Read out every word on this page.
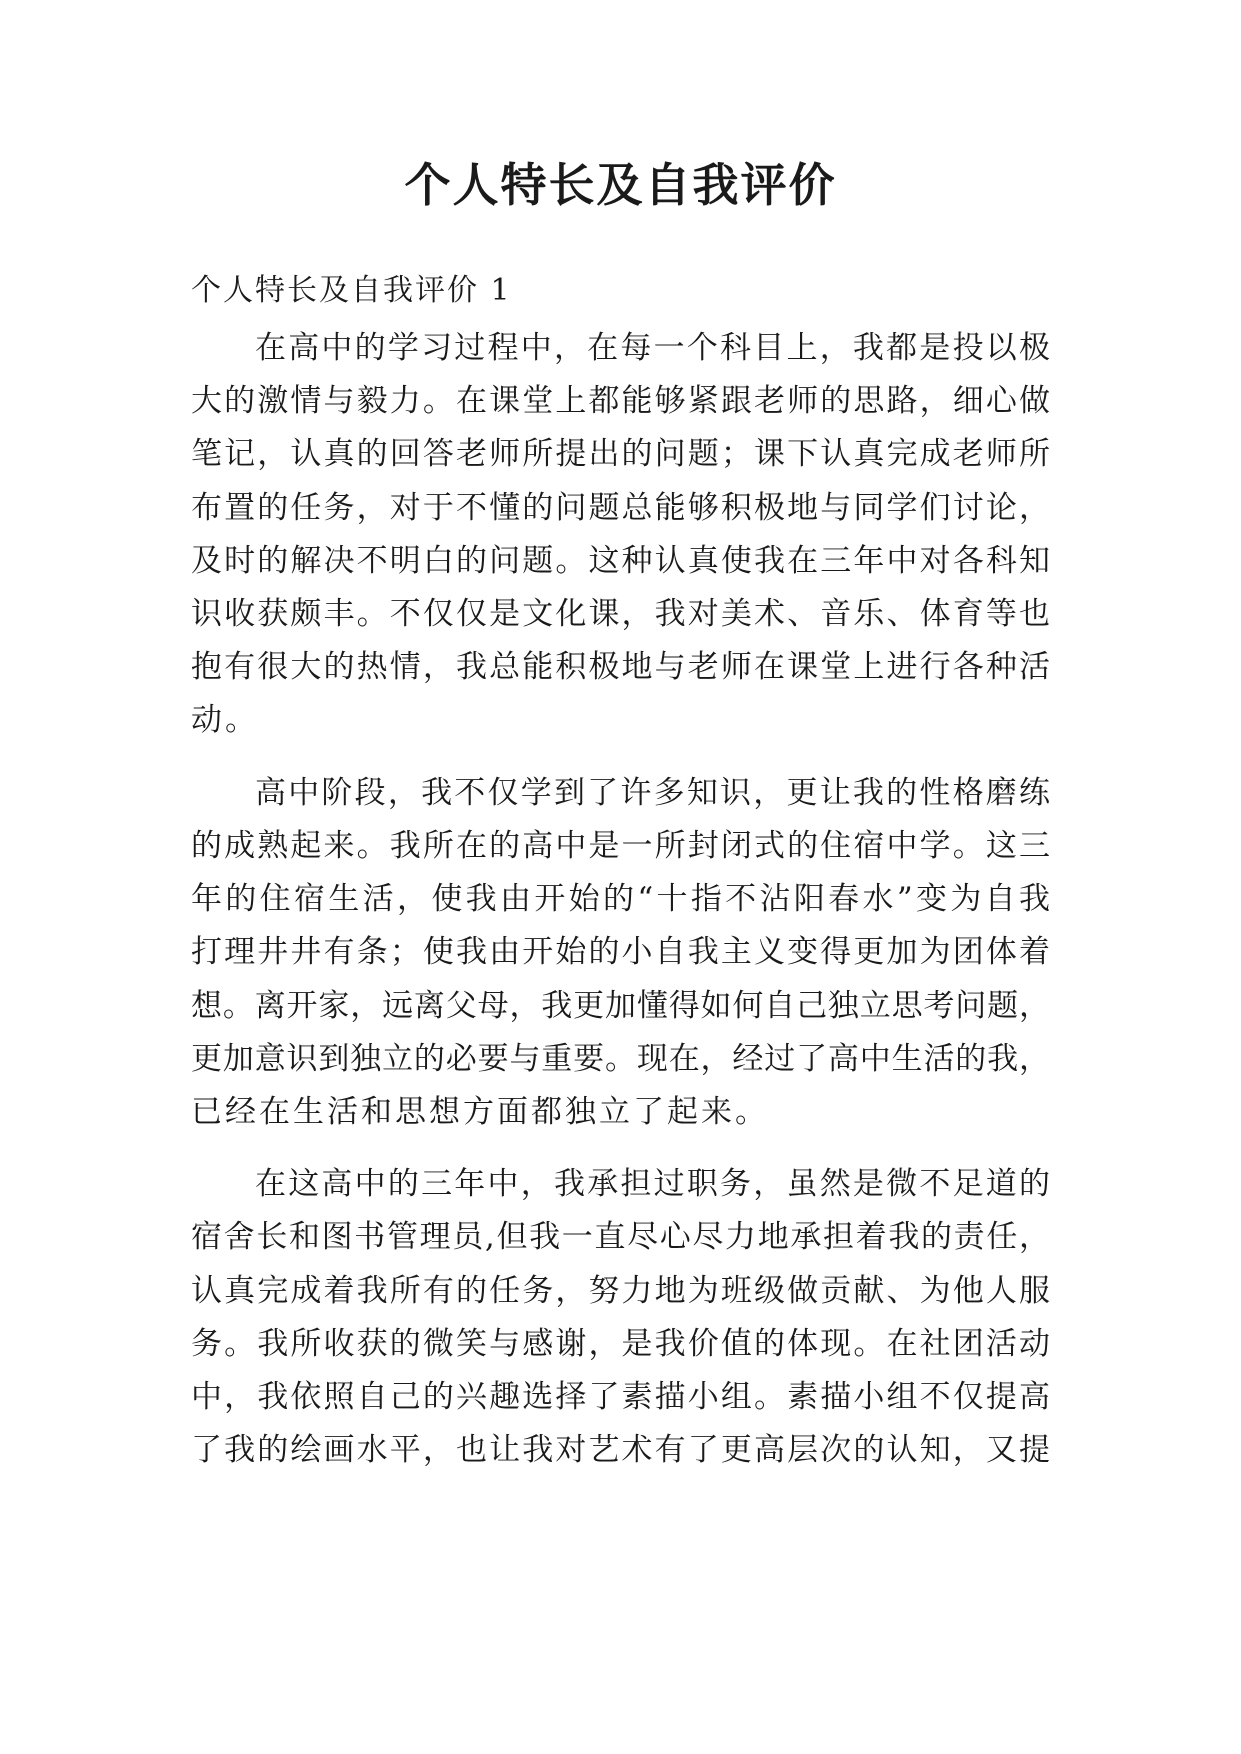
个人特长及自我评价
个人特长及自我评价 1

在高中的学习过程中，在每一个科目上，我都是投以极

大的激情与毅力。在课堂上都能够紧跟老师的思路，细心做

笔记，认真的回答老师所提出的问题；课下认真完成老师所

布置的任务，对于不懂的问题总能够积极地与同学们讨论，

及时的解决不明白的问题。这种认真使我在三年中对各科知

识收获颇丰。不仅仅是文化课，我对美术、音乐、体育等也

抱有很大的热情，我总能积极地与老师在课堂上进行各种活

动。

高中阶段，我不仅学到了许多知识，更让我的性格磨练

的成熟起来。我所在的高中是一所封闭式的住宿中学。这三

年的住宿生活，使我由开始的“十指不沾阳春水”变为自我

打理井井有条；使我由开始的小自我主义变得更加为团体着

想。离开家，远离父母，我更加懂得如何自己独立思考问题，

更加意识到独立的必要与重要。现在，经过了高中生活的我，

已经在生活和思想方面都独立了起来。

在这高中的三年中，我承担过职务，虽然是微不足道的

宿舍长和图书管理员,但我一直尽心尽力地承担着我的责任，

认真完成着我所有的任务，努力地为班级做贡献、为他人服

务。我所收获的微笑与感谢，是我价值的体现。在社团活动

中，我依照自己的兴趣选择了素描小组。素描小组不仅提高

了我的绘画水平，也让我对艺术有了更高层次的认知，又提
